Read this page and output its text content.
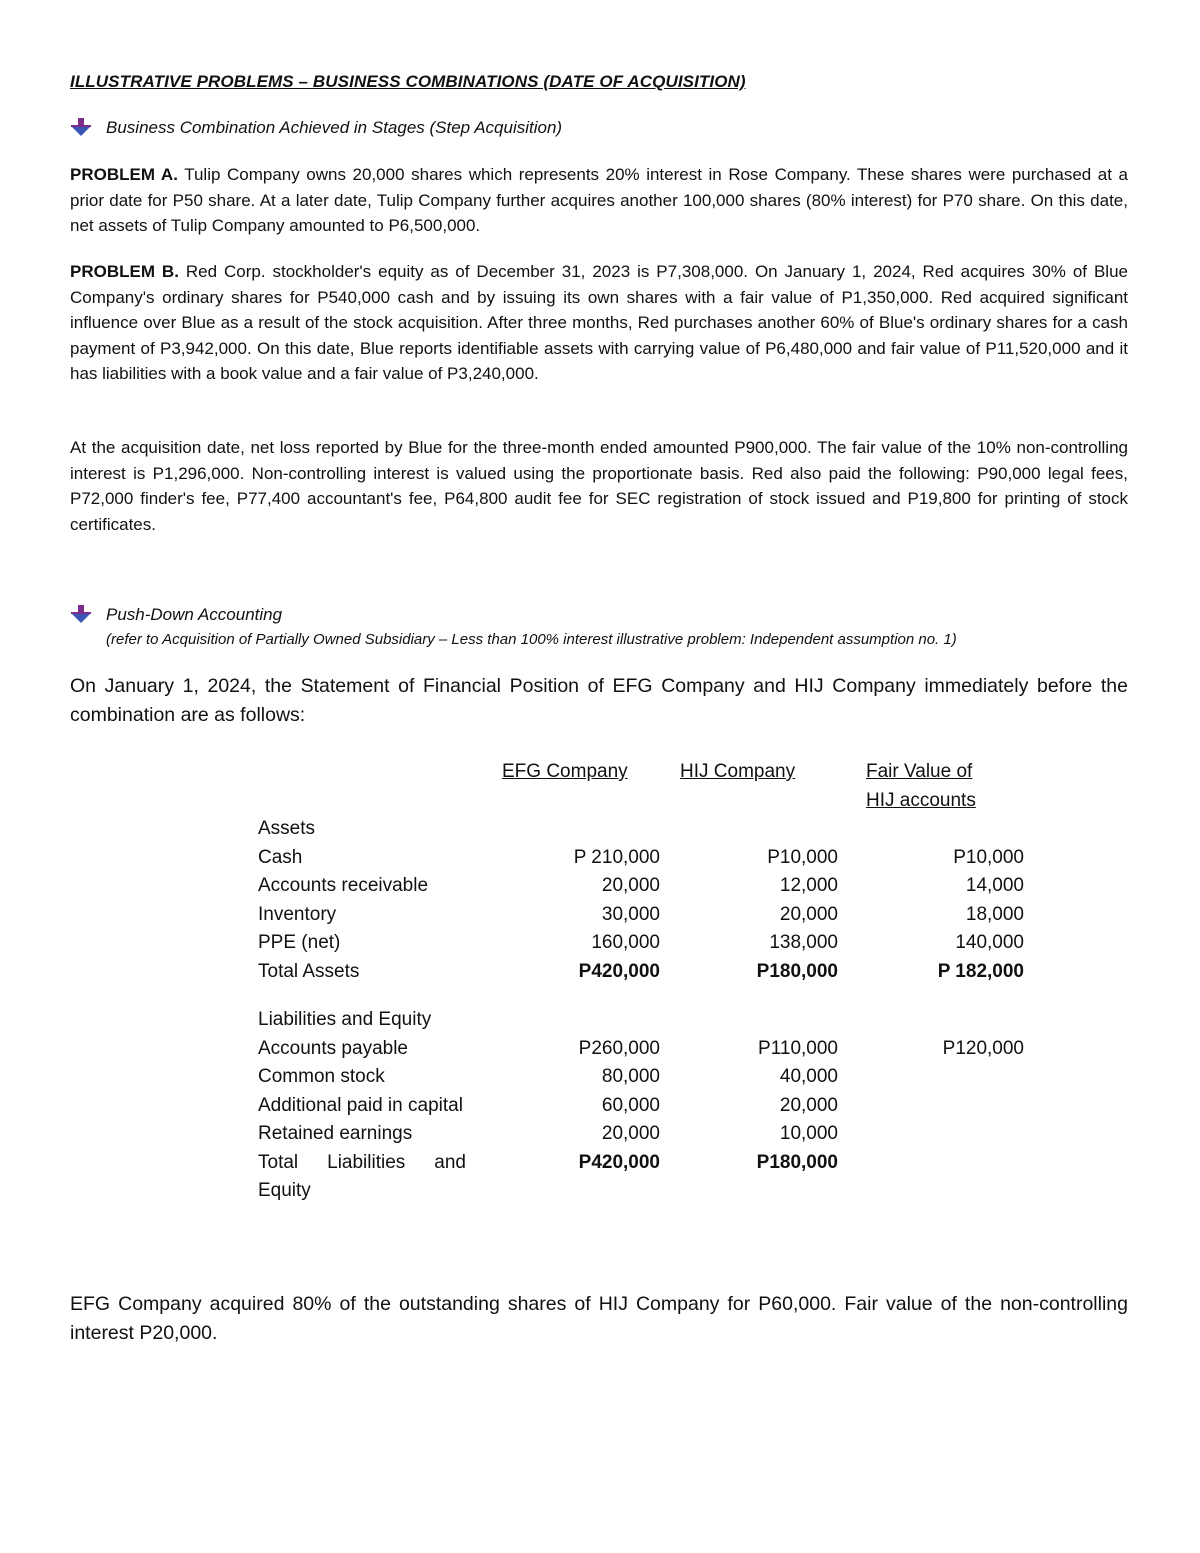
ILLUSTRATIVE PROBLEMS – BUSINESS COMBINATIONS (DATE OF ACQUISITION)
Business Combination Achieved in Stages (Step Acquisition)
PROBLEM A. Tulip Company owns 20,000 shares which represents 20% interest in Rose Company. These shares were purchased at a prior date for P50 share. At a later date, Tulip Company further acquires another 100,000 shares (80% interest) for P70 share. On this date, net assets of Tulip Company amounted to P6,500,000.
PROBLEM B. Red Corp. stockholder's equity as of December 31, 2023 is P7,308,000. On January 1, 2024, Red acquires 30% of Blue Company's ordinary shares for P540,000 cash and by issuing its own shares with a fair value of P1,350,000. Red acquired significant influence over Blue as a result of the stock acquisition. After three months, Red purchases another 60% of Blue's ordinary shares for a cash payment of P3,942,000. On this date, Blue reports identifiable assets with carrying value of P6,480,000 and fair value of P11,520,000 and it has liabilities with a book value and a fair value of P3,240,000.
At the acquisition date, net loss reported by Blue for the three-month ended amounted P900,000. The fair value of the 10% non-controlling interest is P1,296,000. Non-controlling interest is valued using the proportionate basis. Red also paid the following: P90,000 legal fees, P72,000 finder's fee, P77,400 accountant's fee, P64,800 audit fee for SEC registration of stock issued and P19,800 for printing of stock certificates.
Push-Down Accounting
(refer to Acquisition of Partially Owned Subsidiary – Less than 100% interest illustrative problem: Independent assumption no. 1)
On January 1, 2024, the Statement of Financial Position of EFG Company and HIJ Company immediately before the combination are as follows:
	EFG Company	HIJ Company	Fair Value of
HIJ accounts
Assets			
Cash	P 210,000	P10,000	P10,000
Accounts receivable	20,000	12,000	14,000
Inventory	30,000	20,000	18,000
PPE (net)	160,000	138,000	140,000
Total Assets	P420,000	P180,000	P 182,000

Liabilities and Equity			
Accounts payable	P260,000	P110,000	P120,000
Common stock	80,000	40,000	
Additional paid in capital	60,000	20,000	
Retained earnings	20,000	10,000	
Total Liabilities and Equity	P420,000	P180,000	
EFG Company acquired 80% of the outstanding shares of HIJ Company for P60,000. Fair value of the non-controlling interest P20,000.
